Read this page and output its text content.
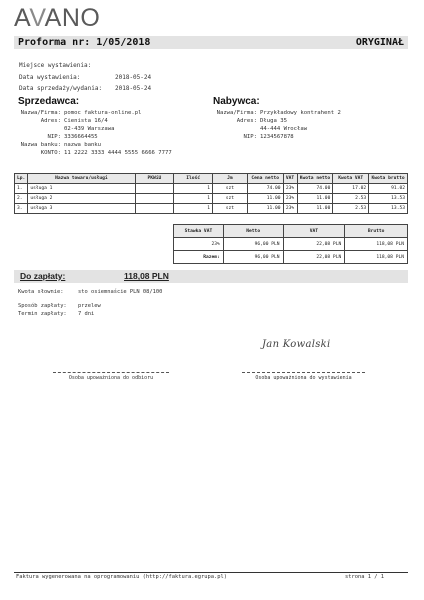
AVANO
Proforma nr: 1/05/2018	ORYGINAŁ
Miejsce wystawienia:
Data wystawienia:	2018-05-24
Data sprzedaży/wydania: 2018-05-24
Sprzedawca:	Nabywca:
Nazwa/Firma: pomoc faktura-online.pl
Adres: Cienista 16/4
02-439 Warszawa
NIP: 3336664455
Nazwa banku: nazwa banku
KONTO: 11 2222 3333 4444 5555 6666 7777
Nazwa/Firma: Przykładowy kontrahent 2
Adres: Długa 35
44-444 Wrocław
NIP: 1234567878
Lp.	Nazwa towaru/usługi	PKWiU	Ilość	Jm	Cena netto	VAT	Kwota netto	Kwota VAT	Kwota brutto
1.	usługa 1		1	szt	74.00	23%	74.00	17.02	91.02
2.	usługa 2		1	szt	11.00	23%	11.00	2.53	13.53
3.	usługa 3		1	szt	11.00	23%	11.00	2.53	13.53
Stawka VAT	Netto	VAT	Brutto
23%	96,00 PLN	22,08 PLN	118,08 PLN
Razem:	96,00 PLN	22,08 PLN	118,08 PLN
Do zapłaty:	118,08 PLN
Kwota słownie:	sto osiemnaście PLN 08/100
Sposób zapłaty: przelew
Termin zapłaty: 7 dni
Jan Kowalski
Osoba upoważniona do odbioru	Osoba upoważniona do wystawienia
Faktura wygenerowana na oprogramowaniu (http://faktura.egrupa.pl)	strona 1 / 1
